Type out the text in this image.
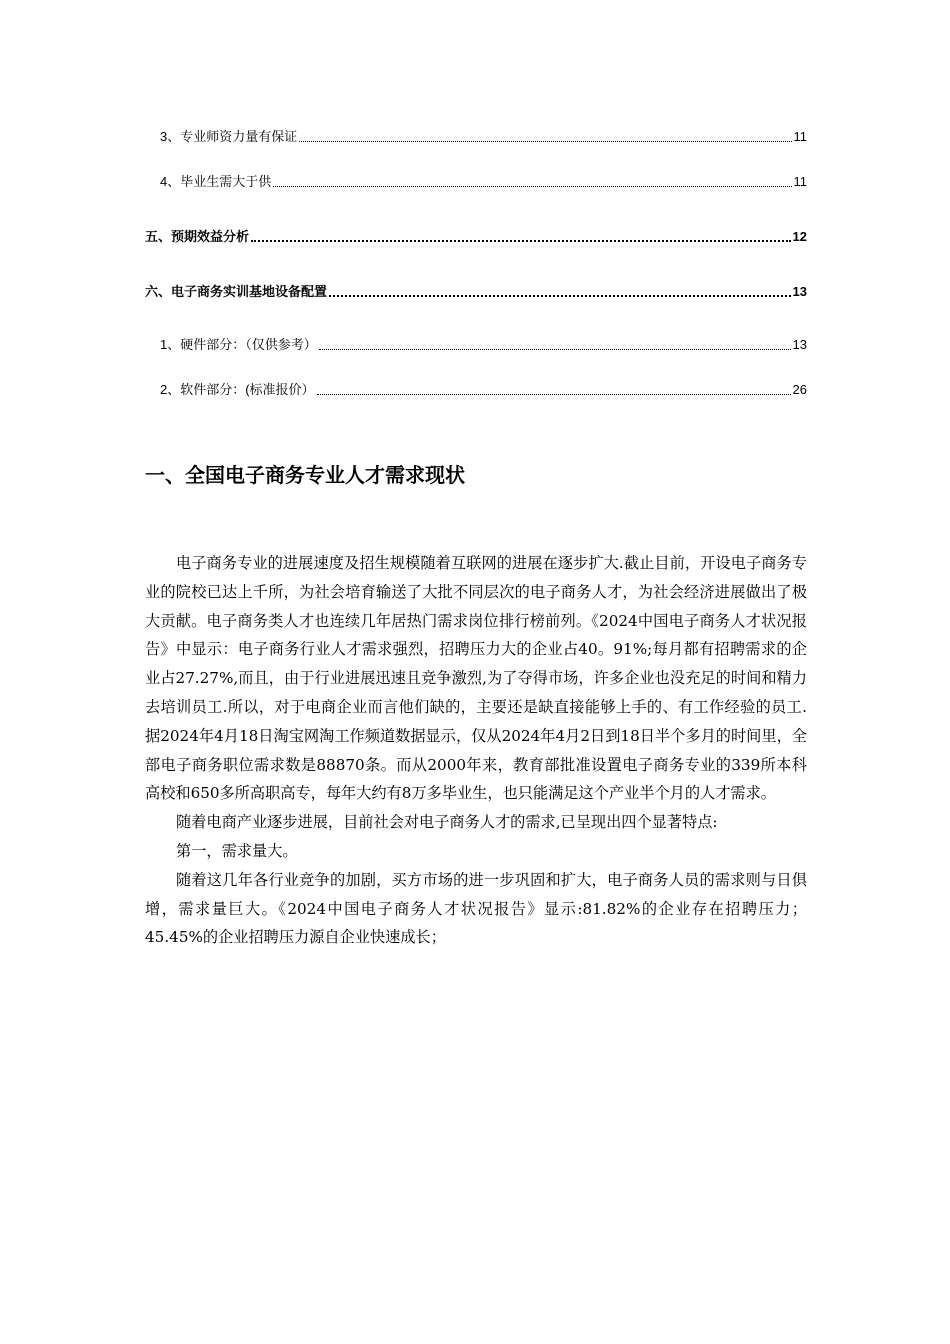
3、专业师资力量有保证	11
4、毕业生需大于供	11
五、预期效益分析	12
六、电子商务实训基地设备配置	13
1、硬件部分：（仅供参考）	13
2、软件部分：(标准报价）	26
一、全国电子商务专业人才需求现状

电子商务专业的进展速度及招生规模随着互联网的进展在逐步扩大.截止目前，开设电子商务专业的院校已达上千所，为社会培育输送了大批不同层次的电子商务人才，为社会经济进展做出了极大贡献。电子商务类人才也连续几年居热门需求岗位排行榜前列。《2024中国电子商务人才状况报告》中显示：电子商务行业人才需求强烈，招聘压力大的企业占40。91%;每月都有招聘需求的企业占27.27%,而且，由于行业进展迅速且竞争激烈,为了夺得市场，许多企业也没充足的时间和精力去培训员工.所以，对于电商企业而言他们缺的，主要还是缺直接能够上手的、有工作经验的员工.据2024年4月18日淘宝网淘工作频道数据显示，仅从2024年4月2日到18日半个多月的时间里，全部电子商务职位需求数是88870条。而从2000年来，教育部批准设置电子商务专业的339所本科高校和650多所高职高专，每年大约有8万多毕业生，也只能满足这个产业半个月的人才需求。

随着电商产业逐步进展，目前社会对电子商务人才的需求,已呈现出四个显著特点:

第一，需求量大。

随着这几年各行业竞争的加剧，买方市场的进一步巩固和扩大，电子商务人员的需求则与日俱增，需求量巨大。《2024中国电子商务人才状况报告》显示:81.82%的企业存在招聘压力；45.45%的企业招聘压力源自企业快速成长；
